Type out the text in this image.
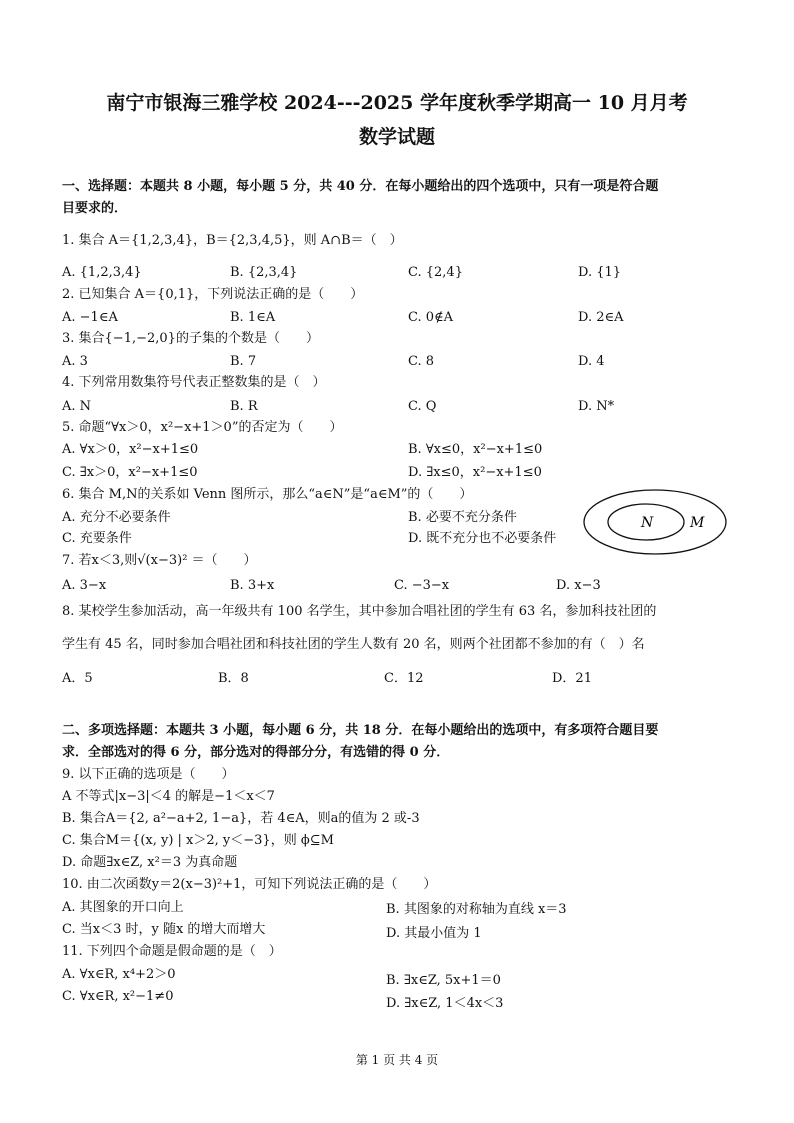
南宁市银海三雅学校 2024---2025 学年度秋季学期高一 10 月月考
数学试题
一、选择题：本题共 8 小题，每小题 5 分，共 40 分．在每小题给出的四个选项中，只有一项是符合题
目要求的．
1. 集合 A＝{1,2,3,4}，B＝{2,3,4,5}，则 A∩B＝（　）
A. {1,2,3,4}	B. {2,3,4}	C. {2,4}	D. {1}
2. 已知集合 A＝{0,1}，下列说法正确的是（　　）
A. −1∈A	B. 1∈A	C. 0∉A	D. 2∈A
3. 集合{−1,−2,0}的子集的个数是（　　）
A. 3	B. 7	C. 8	D. 4
4. 下列常用数集符号代表正整数集的是（　）
A. N	B. R	C. Q	D. N*
5. 命题“∀x＞0，x²−x+1＞0”的否定为（　　）
A. ∀x＞0，x²−x+1≤0	B. ∀x≤0，x²−x+1≤0
C. ∃x＞0，x²−x+1≤0	D. ∃x≤0，x²−x+1≤0
6. 集合 M,N的关系如 Venn 图所示，那么“a∈N”是“a∈M”的（　　）
A. 充分不必要条件	B. 必要不充分条件
C. 充要条件	D. 既不充分也不必要条件
N	M
7. 若x＜3,则√(x−3)² ＝（　　）
A. 3−x	B. 3+x	C. −3−x	D. x−3
8. 某校学生参加活动，高一年级共有 100 名学生，其中参加合唱社团的学生有 63 名，参加科技社团的
学生有 45 名，同时参加合唱社团和科技社团的学生人数有 20 名，则两个社团都不参加的有（　）名
A．5	B．8	C．12	D．21
二、多项选择题：本题共 3 小题，每小题 6 分，共 18 分．在每小题给出的选项中，有多项符合题目要
求．全部选对的得 6 分，部分选对的得部分分，有选错的得 0 分．
9. 以下正确的选项是（　　）
A 不等式|x−3|＜4 的解是−1＜x＜7
B. 集合A＝{2, a²−a+2, 1−a}，若 4∈A，则a的值为 2 或-3
C. 集合M＝{(x, y) | x＞2, y＜−3}，则 ϕ⊆M
D. 命题∃x∈Z, x²＝3 为真命题
10. 由二次函数y＝2(x−3)²+1，可知下列说法正确的是（　　）
A. 其图象的开口向上	B. 其图象的对称轴为直线 x＝3
C. 当x＜3 时，y 随x 的增大而增大	D. 其最小值为 1
11. 下列四个命题是假命题的是（　）
A. ∀x∈R, x⁴+2＞0	B. ∃x∈Z, 5x+1＝0
C. ∀x∈R, x²−1≠0	D. ∃x∈Z, 1＜4x＜3
第 1 页 共 4 页
